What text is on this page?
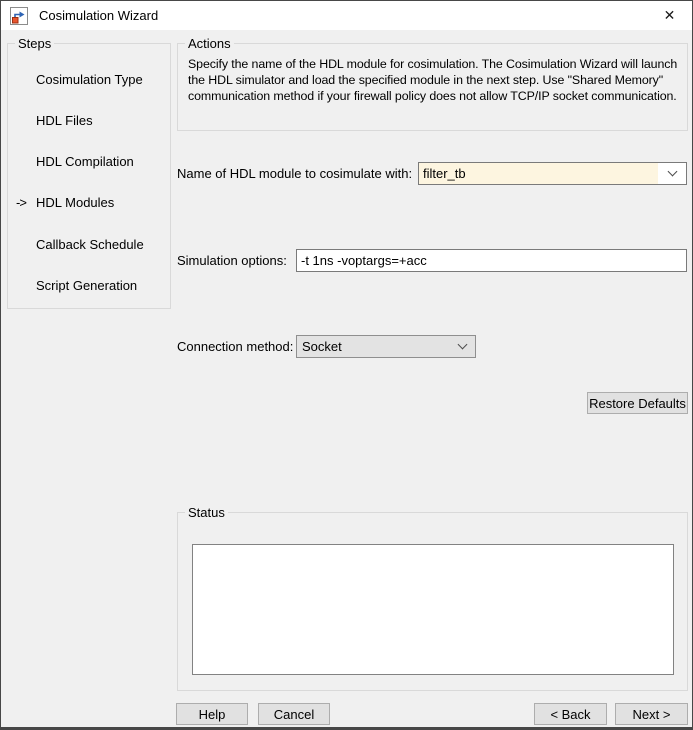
Cosimulation Wizard	✕
Steps
Cosimulation Type
HDL Files
HDL Compilation
-> HDL Modules
Callback Schedule
Script Generation
Actions

Specify the name of the HDL module for cosimulation. The Cosimulation Wizard will launch the HDL simulator and load the specified module in the next step. Use "Shared Memory" communication method if your firewall policy does not allow TCP/IP socket communication.

Name of HDL module to cosimulate with:
filter_tb
Simulation options:
-t 1ns -voptargs=+acc
Connection method: Socket
Restore Defaults
Status
Help	Cancel	< Back	Next >
